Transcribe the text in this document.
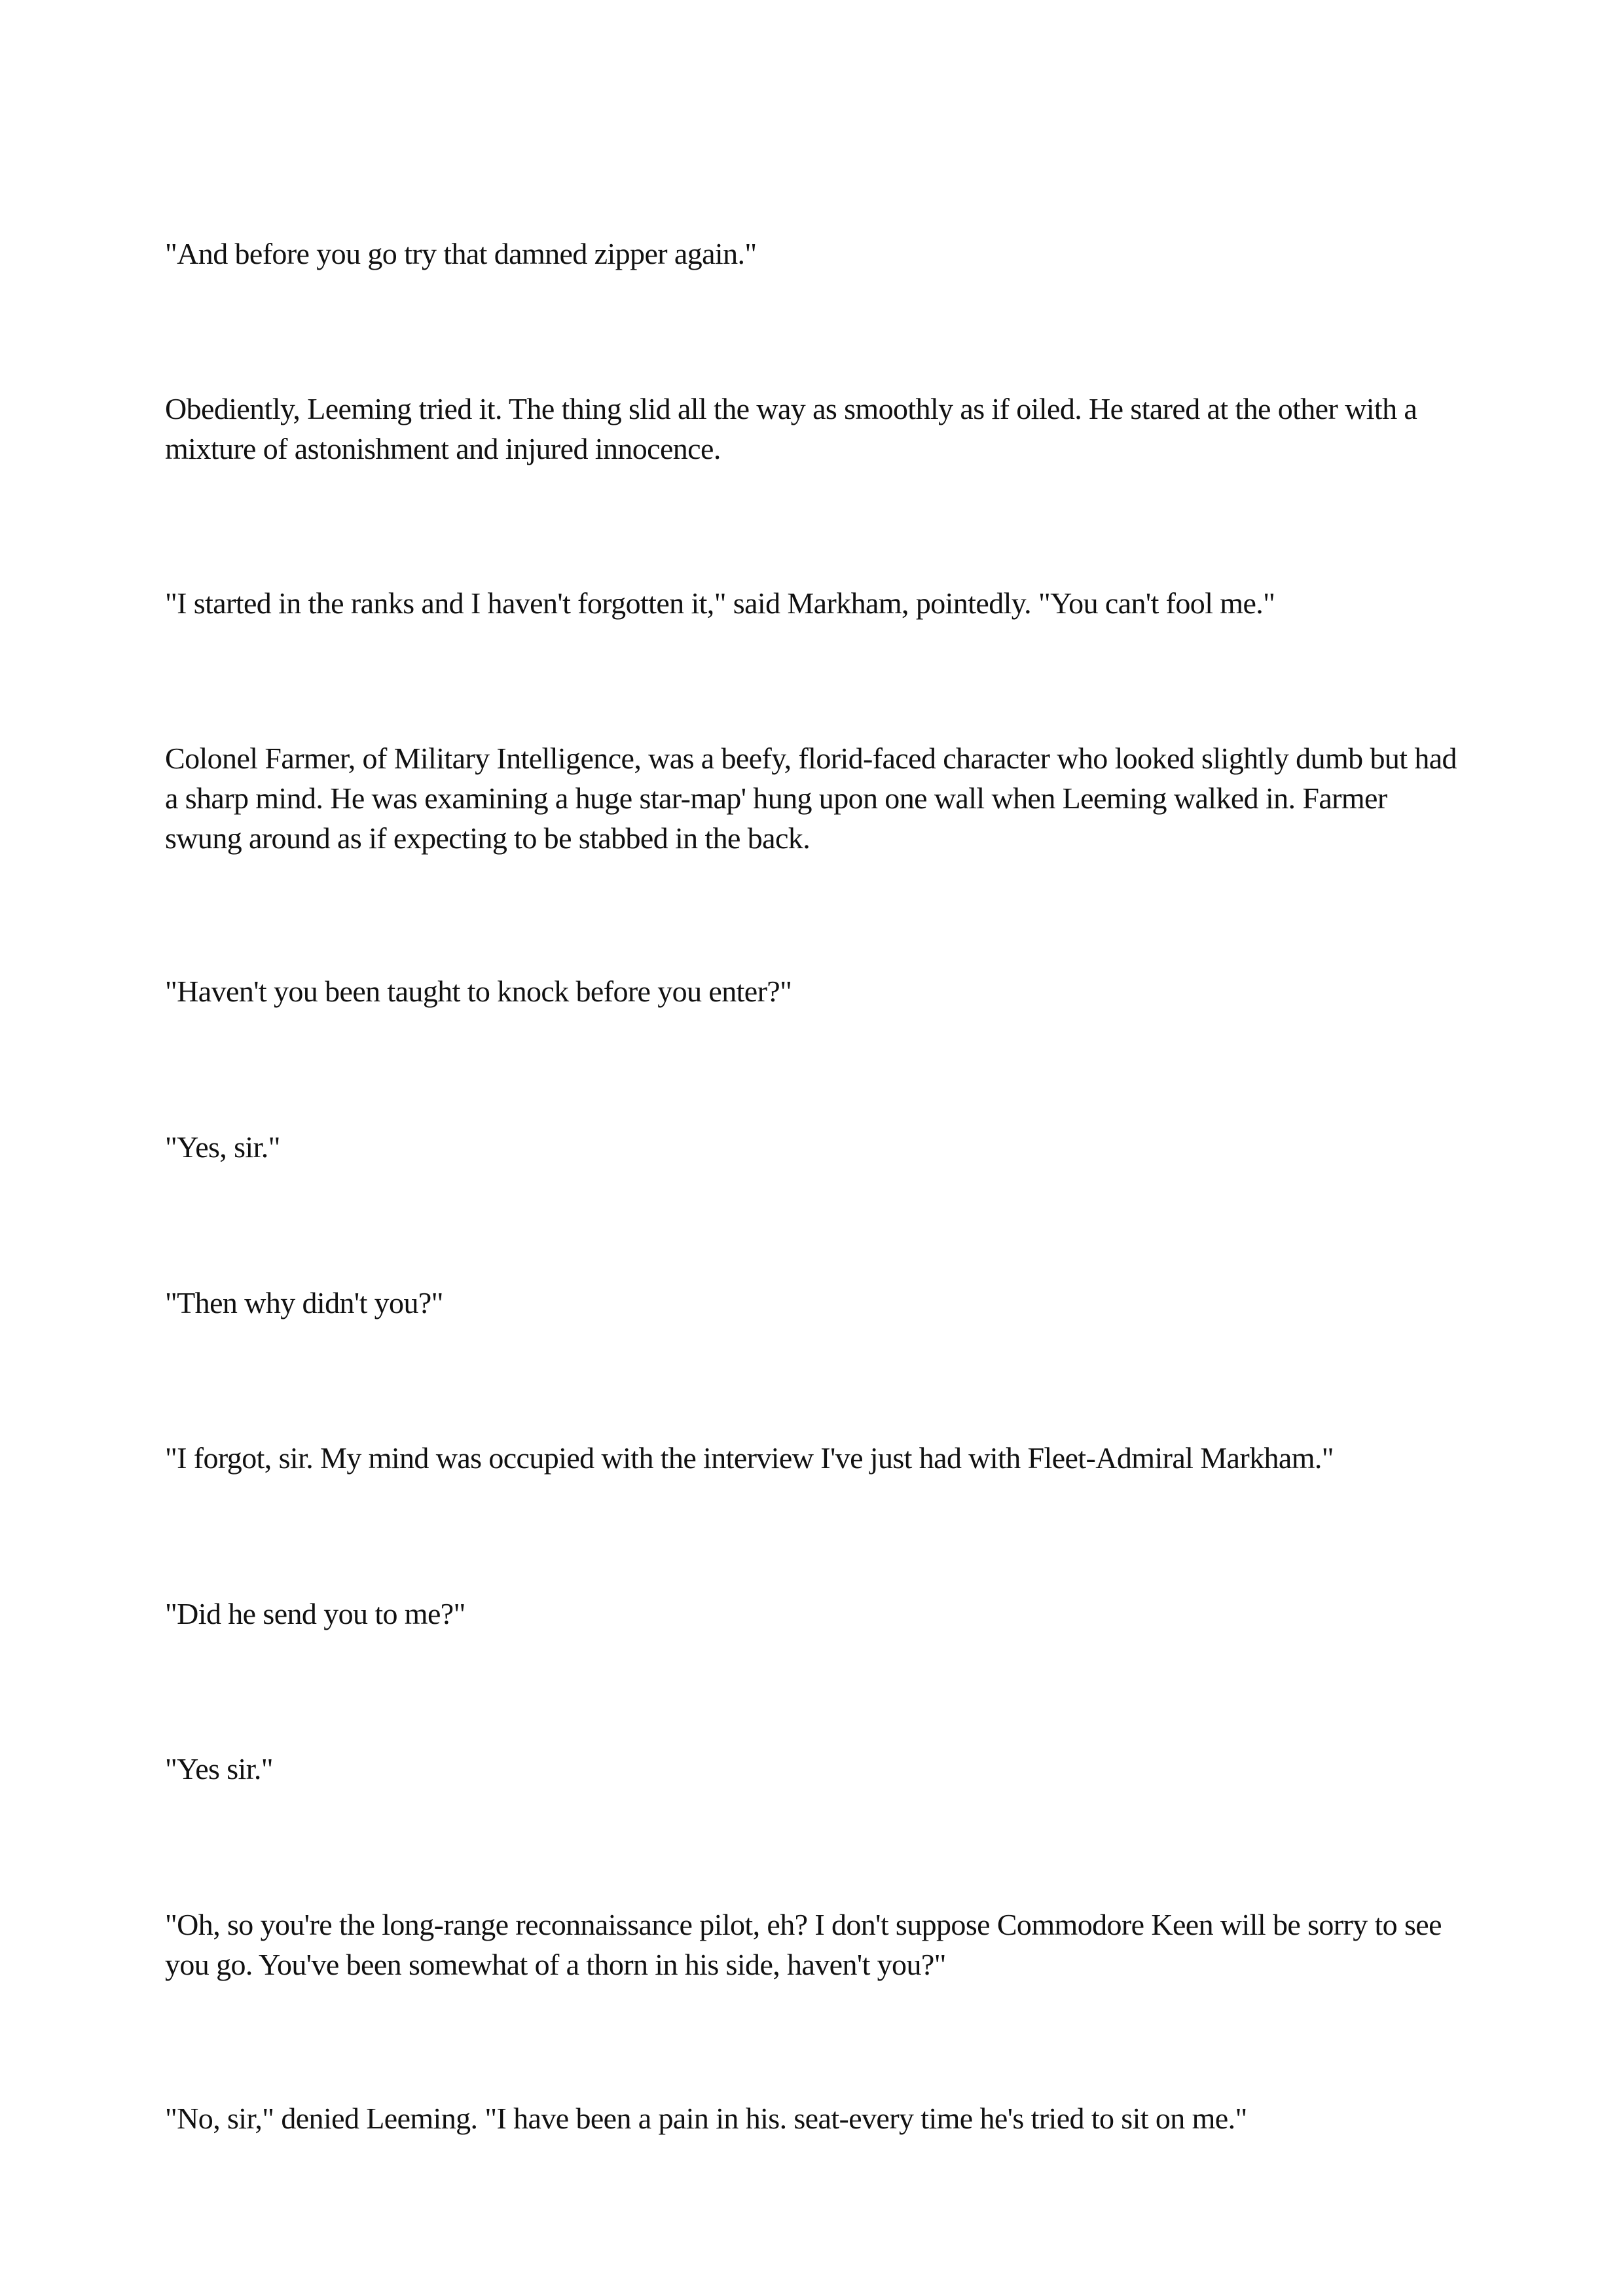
"And before you go try that damned zipper again."

Obediently, Leeming tried it. The thing slid all the way as smoothly as if oiled. He stared at the other with a mixture of astonishment and injured innocence.

"I started in the ranks and I haven't forgotten it," said Markham, pointedly. "You can't fool me."

Colonel Farmer, of Military Intelligence, was a beefy, florid-faced character who looked slightly dumb but had a sharp mind. He was examining a huge star-map' hung upon one wall when Leeming walked in. Farmer swung around as if expecting to be stabbed in the back.

"Haven't you been taught to knock before you enter?"

"Yes, sir."

"Then why didn't you?"

"I forgot, sir. My mind was occupied with the interview I've just had with Fleet-Admiral Markham."

"Did he send you to me?"

"Yes sir."

"Oh, so you're the long-range reconnaissance pilot, eh? I don't suppose Commodore Keen will be sorry to see you go. You've been somewhat of a thorn in his side, haven't you?"

"No, sir," denied Leeming. "I have been a pain in his. seat-every time he's tried to sit on me."
